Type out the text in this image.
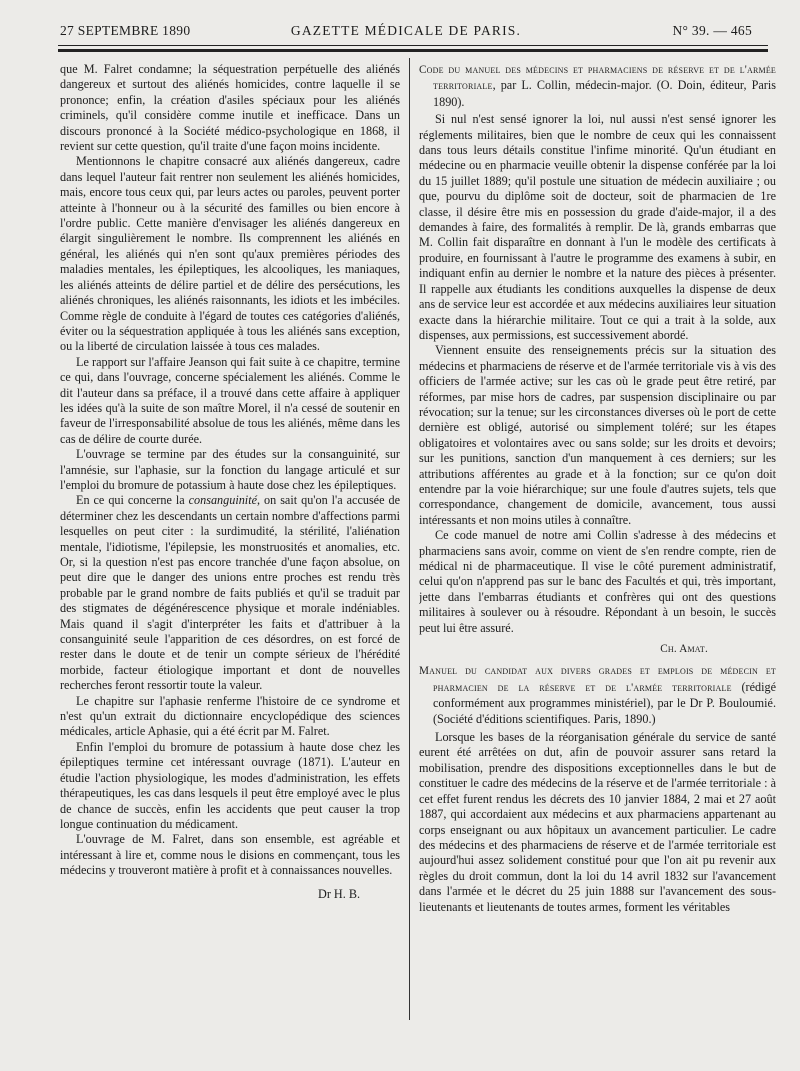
27 SEPTEMBRE 1890	GAZETTE MÉDICALE DE PARIS.	N° 39. — 465

que M. Falret condamne; la séquestration perpétuelle des aliénés dangereux et surtout des aliénés homicides, contre laquelle il se prononce; enfin, la création d'asiles spéciaux pour les aliénés criminels, qu'il considère comme inutile et inefficace. Dans un discours prononcé à la Société médico-psychologique en 1868, il revient sur cette question, qu'il traite d'une façon moins incidente.

Mentionnons le chapitre consacré aux aliénés dangereux, cadre dans lequel l'auteur fait rentrer non seulement les aliénés homicides, mais, encore tous ceux qui, par leurs actes ou paroles, peuvent porter atteinte à l'honneur ou à la sécurité des familles ou bien encore à l'ordre public. Cette manière d'envisager les aliénés dangereux en élargit singulièrement le nombre. Ils comprennent les aliénés en général, les aliénés qui n'en sont qu'aux premières périodes des maladies mentales, les épileptiques, les alcooliques, les maniaques, les aliénés atteints de délire partiel et de délire des persécutions, les aliénés chroniques, les aliénés raisonnants, les idiots et les imbéciles. Comme règle de conduite à l'égard de toutes ces catégories d'aliénés, éviter ou la séquestration appliquée à tous les aliénés sans exception, ou la liberté de circulation laissée à tous ces malades.

Le rapport sur l'affaire Jeanson qui fait suite à ce chapitre, termine ce qui, dans l'ouvrage, concerne spécialement les aliénés. Comme le dit l'auteur dans sa préface, il a trouvé dans cette affaire à appliquer les idées qu'à la suite de son maître Morel, il n'a cessé de soutenir en faveur de l'irresponsabilité absolue de tous les aliénés, même dans les cas de délire de courte durée.

L'ouvrage se termine par des études sur la consanguinité, sur l'amnésie, sur l'aphasie, sur la fonction du langage articulé et sur l'emploi du bromure de potassium à haute dose chez les épileptiques.

En ce qui concerne la consanguinité, on sait qu'on l'a accusée de déterminer chez les descendants un certain nombre d'affections parmi lesquelles on peut citer : la surdimudité, la stérilité, l'aliénation mentale, l'idiotisme, l'épilepsie, les monstruosités et anomalies, etc. Or, si la question n'est pas encore tranchée d'une façon absolue, on peut dire que le danger des unions entre proches est rendu très probable par le grand nombre de faits publiés et qu'il se traduit par des stigmates de dégénérescence physique et morale indéniables. Mais quand il s'agit d'interpréter les faits et d'attribuer à la consanguinité seule l'apparition de ces désordres, on est forcé de rester dans le doute et de tenir un compte sérieux de l'hérédité morbide, facteur étiologique important et dont de nouvelles recherches feront ressortir toute la valeur.

Le chapitre sur l'aphasie renferme l'histoire de ce syndrome et n'est qu'un extrait du dictionnaire encyclopédique des sciences médicales, article Aphasie, qui a été écrit par M. Falret.

Enfin l'emploi du bromure de potassium à haute dose chez les épileptiques termine cet intéressant ouvrage (1871). L'auteur en étudie l'action physiologique, les modes d'administration, les effets thérapeutiques, les cas dans lesquels il peut être employé avec le plus de chance de succès, enfin les accidents que peut causer la trop longue continuation du médicament.

L'ouvrage de M. Falret, dans son ensemble, est agréable et intéressant à lire et, comme nous le disions en commençant, tous les médecins y trouveront matière à profit et à connaissances nouvelles.

Dr H. B.

Code du manuel des médecins et pharmaciens de réserve et de l'armée territoriale, par L. Collin, médecin-major. (O. Doin, éditeur, Paris 1890).

Si nul n'est sensé ignorer la loi, nul aussi n'est sensé ignorer les réglements militaires, bien que le nombre de ceux qui les connaissent dans tous leurs détails constitue l'infime minorité. Qu'un étudiant en médecine ou en pharmacie veuille obtenir la dispense conférée par la loi du 15 juillet 1889; qu'il postule une situation de médecin auxiliaire ; ou que, pourvu du diplôme soit de docteur, soit de pharmacien de 1re classe, il désire être mis en possession du grade d'aide-major, il a des demandes à faire, des formalités à remplir. De là, grands embarras que M. Collin fait disparaître en donnant à l'un le modèle des certificats à produire, en fournissant à l'autre le programme des examens à subir, en indiquant enfin au dernier le nombre et la nature des pièces à présenter. Il rappelle aux étudiants les conditions auxquelles la dispense de deux ans de service leur est accordée et aux médecins auxiliaires leur situation exacte dans la hiérarchie militaire. Tout ce qui a trait à la solde, aux dispenses, aux permissions, est successivement abordé.

Viennent ensuite des renseignements précis sur la situation des médecins et pharmaciens de réserve et de l'armée territoriale vis à vis des officiers de l'armée active; sur les cas où le grade peut être retiré, par réformes, par mise hors de cadres, par suspension disciplinaire ou par révocation; sur la tenue; sur les circonstances diverses où le port de cette dernière est obligé, autorisé ou simplement toléré; sur les étapes obligatoires et volontaires avec ou sans solde; sur les droits et devoirs; sur les punitions, sanction d'un manquement à ces derniers; sur les attributions afférentes au grade et à la fonction; sur ce qu'on doit entendre par la voie hiérarchique; sur une foule d'autres sujets, tels que correspondance, changement de domicile, avancement, tous aussi intéressants et non moins utiles à connaître.

Ce code manuel de notre ami Collin s'adresse à des médecins et pharmaciens sans avoir, comme on vient de s'en rendre compte, rien de médical ni de pharmaceutique. Il vise le côté purement administratif, celui qu'on n'apprend pas sur le banc des Facultés et qui, très important, jette dans l'embarras étudiants et confrères qui ont des questions militaires à soulever ou à résoudre. Répondant à un besoin, le succès peut lui être assuré.

Ch. Amat.

Manuel du candidat aux divers grades et emplois de médecin et pharmacien de la réserve et de l'armée territoriale (rédigé conformément aux programmes ministériel), par le Dr P. Bouloumié. (Société d'éditions scientifiques. Paris, 1890.)

Lorsque les bases de la réorganisation générale du service de santé eurent été arrêtées on dut, afin de pouvoir assurer sans retard la mobilisation, prendre des dispositions exceptionnelles dans le but de constituer le cadre des médecins de la réserve et de l'armée territoriale : à cet effet furent rendus les décrets des 10 janvier 1884, 2 mai et 27 août 1887, qui accordaient aux médecins et aux pharmaciens appartenant au corps enseignant ou aux hôpitaux un avancement particulier. Le cadre des médecins et des pharmaciens de réserve et de l'armée territoriale est aujourd'hui assez solidement constitué pour que l'on ait pu revenir aux règles du droit commun, dont la loi du 14 avril 1832 sur l'avancement dans l'armée et le décret du 25 juin 1888 sur l'avancement des sous-lieutenants et lieutenants de toutes armes, forment les véritables
